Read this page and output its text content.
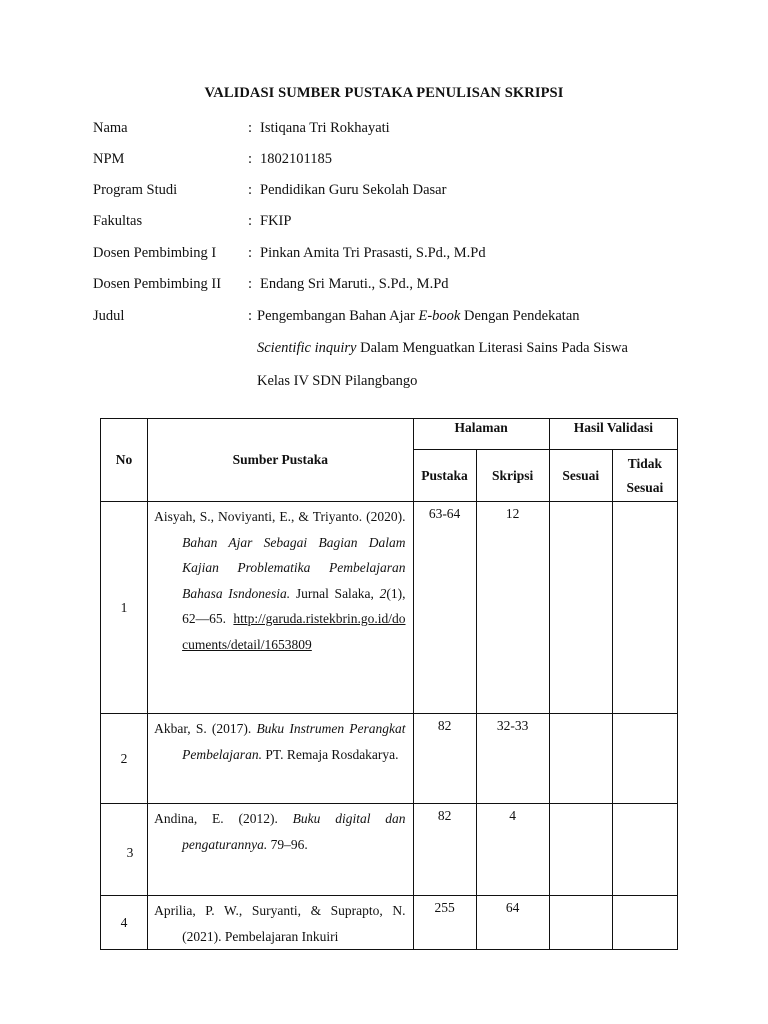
VALIDASI SUMBER PUSTAKA PENULISAN SKRIPSI
Nama	: Istiqana Tri Rokhayati
NPM	: 1802101185
Program Studi	: Pendidikan Guru Sekolah Dasar
Fakultas	: FKIP
Dosen Pembimbing I : Pinkan Amita Tri Prasasti, S.Pd., M.Pd
Dosen Pembimbing II : Endang Sri Maruti., S.Pd., M.Pd
Judul	: Pengembangan Bahan Ajar E-book Dengan Pendekatan
Scientific inquiry Dalam Menguatkan Literasi Sains Pada Siswa
Kelas IV SDN Pilangbango
No	Sumber Pustaka	Halaman		Hasil Validasi	
		Pustaka	Skripsi	Sesuai	Tidak Sesuai
1	Aisyah, S., Noviyanti, E., & Triyanto. (2020). Bahan Ajar Sebagai Bagian Dalam Kajian Problematika Pembelajaran Bahasa Isndonesia. Jurnal Salaka, 2(1), 62—65. http://garuda.ristekbrin.go.id/documents/detail/1653809	63-64	12		
2	Akbar, S. (2017). Buku Instrumen Perangkat Pembelajaran. PT. Remaja Rosdakarya.	82	32-33		
3	Andina, E. (2012). Buku digital dan pengaturannya. 79–96.	82	4		
4	Aprilia, P. W., Suryanti, & Suprapto, N. (2021). Pembelajaran Inkuiri	255	64		
